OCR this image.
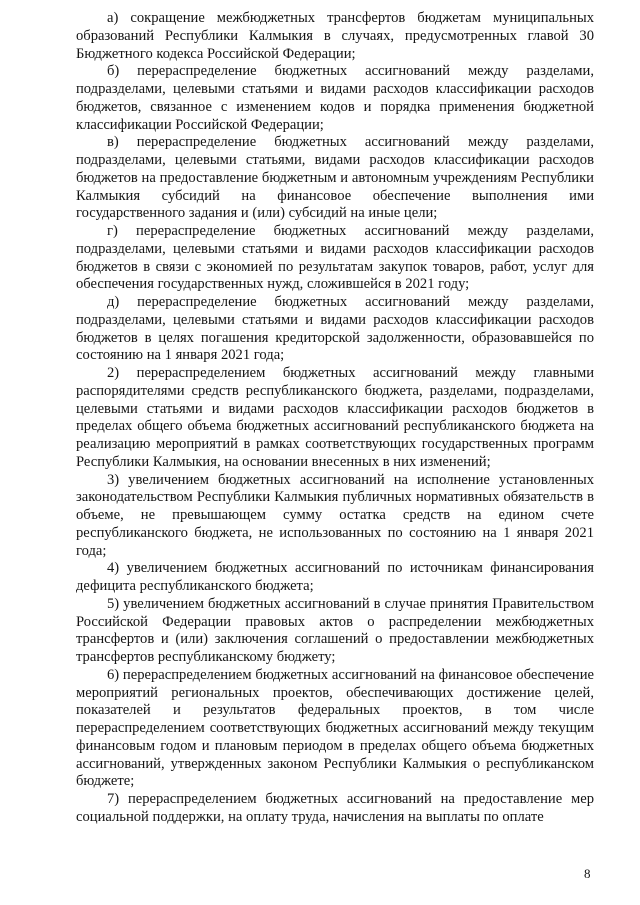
а) сокращение межбюджетных трансфертов бюджетам муниципальных образований Республики Калмыкия в случаях, предусмотренных главой 30 Бюджетного кодекса Российской Федерации;

б) перераспределение бюджетных ассигнований между разделами, подразделами, целевыми статьями и видами расходов классификации расходов бюджетов, связанное с изменением кодов и порядка применения бюджетной классификации Российской Федерации;

в) перераспределение бюджетных ассигнований между разделами, подразделами, целевыми статьями, видами расходов классификации расходов бюджетов на предоставление бюджетным и автономным учреждениям Республики Калмыкия субсидий на финансовое обеспечение выполнения ими государственного задания и (или) субсидий на иные цели;

г) перераспределение бюджетных ассигнований между разделами, подразделами, целевыми статьями и видами расходов классификации расходов бюджетов в связи с экономией по результатам закупок товаров, работ, услуг для обеспечения государственных нужд, сложившейся в 2021 году;

д) перераспределение бюджетных ассигнований между разделами, подразделами, целевыми статьями и видами расходов классификации расходов бюджетов в целях погашения кредиторской задолженности, образовавшейся по состоянию на 1 января 2021 года;

2) перераспределением бюджетных ассигнований между главными распорядителями средств республиканского бюджета, разделами, подразделами, целевыми статьями и видами расходов классификации расходов бюджетов в пределах общего объема бюджетных ассигнований республиканского бюджета на реализацию мероприятий в рамках соответствующих государственных программ Республики Калмыкия, на основании внесенных в них изменений;

3) увеличением бюджетных ассигнований на исполнение установленных законодательством Республики Калмыкия публичных нормативных обязательств в объеме, не превышающем сумму остатка средств на едином счете республиканского бюджета, не использованных по состоянию на 1 января 2021 года;

4) увеличением бюджетных ассигнований по источникам финансирования дефицита республиканского бюджета;

5) увеличением бюджетных ассигнований в случае принятия Правительством Российской Федерации правовых актов о распределении межбюджетных трансфертов и (или) заключения соглашений о предоставлении межбюджетных трансфертов республиканскому бюджету;

6) перераспределением бюджетных ассигнований на финансовое обеспечение мероприятий региональных проектов, обеспечивающих достижение целей, показателей и результатов федеральных проектов, в том числе перераспределением соответствующих бюджетных ассигнований между текущим финансовым годом и плановым периодом в пределах общего объема бюджетных ассигнований, утвержденных законом Республики Калмыкия о республиканском бюджете;

7) перераспределением бюджетных ассигнований на предоставление мер социальной поддержки, на оплату труда, начисления на выплаты по оплате

8
